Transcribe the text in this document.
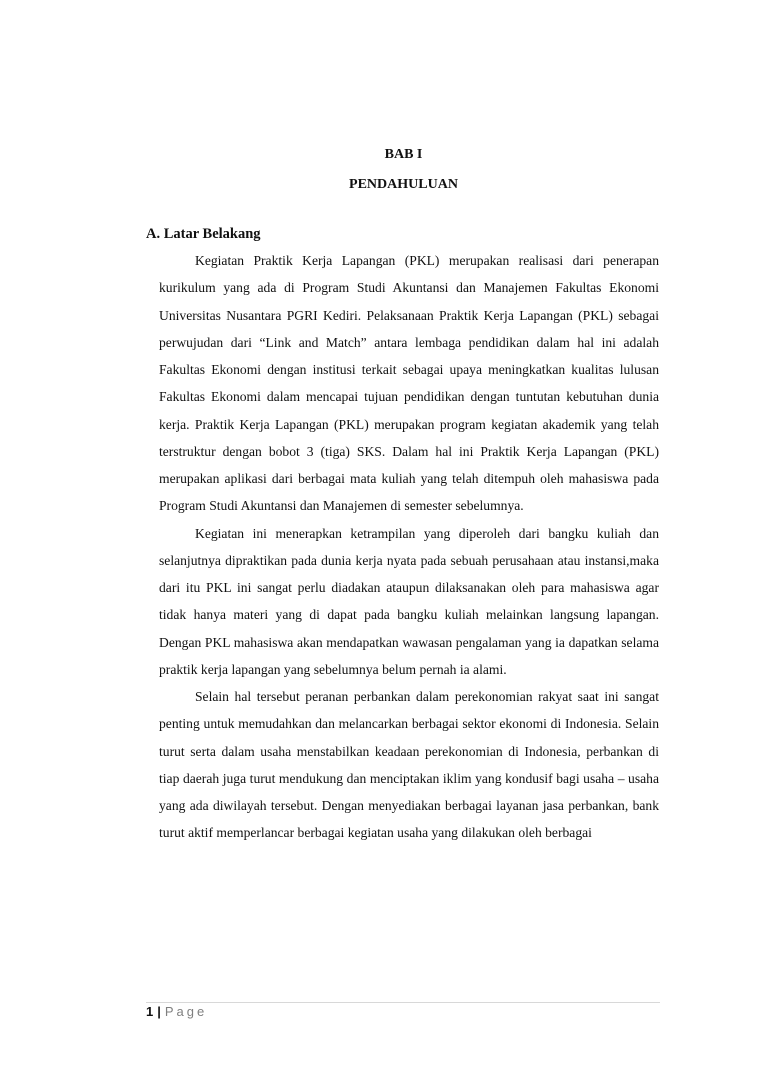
BAB I
PENDAHULUAN
A. Latar Belakang

Kegiatan Praktik Kerja Lapangan (PKL) merupakan realisasi dari penerapan kurikulum yang ada di Program Studi Akuntansi dan Manajemen Fakultas Ekonomi Universitas Nusantara PGRI Kediri. Pelaksanaan Praktik Kerja Lapangan (PKL) sebagai perwujudan dari “Link and Match” antara lembaga pendidikan dalam hal ini adalah Fakultas Ekonomi dengan institusi terkait sebagai upaya meningkatkan kualitas lulusan Fakultas Ekonomi dalam mencapai tujuan pendidikan dengan tuntutan kebutuhan dunia kerja. Praktik Kerja Lapangan (PKL) merupakan program kegiatan akademik yang telah terstruktur dengan bobot 3 (tiga) SKS. Dalam hal ini Praktik Kerja Lapangan (PKL) merupakan aplikasi dari berbagai mata kuliah yang telah ditempuh oleh mahasiswa pada Program Studi Akuntansi dan Manajemen di semester sebelumnya.

Kegiatan ini menerapkan ketrampilan yang diperoleh dari bangku kuliah dan selanjutnya dipraktikan pada dunia kerja nyata pada sebuah perusahaan atau instansi,maka dari itu PKL ini sangat perlu diadakan ataupun dilaksanakan oleh para mahasiswa agar tidak hanya materi yang di dapat pada bangku kuliah melainkan langsung lapangan. Dengan PKL mahasiswa akan mendapatkan wawasan pengalaman yang ia dapatkan selama praktik kerja lapangan yang sebelumnya belum pernah ia alami.

Selain hal tersebut peranan perbankan dalam perekonomian rakyat saat ini sangat penting untuk memudahkan dan melancarkan berbagai sektor ekonomi di Indonesia. Selain turut serta dalam usaha menstabilkan keadaan perekonomian di Indonesia, perbankan di tiap daerah juga turut mendukung dan menciptakan iklim yang kondusif bagi usaha – usaha yang ada diwilayah tersebut. Dengan menyediakan berbagai layanan jasa perbankan, bank turut aktif memperlancar berbagai kegiatan usaha yang dilakukan oleh berbagai

1 | Page
